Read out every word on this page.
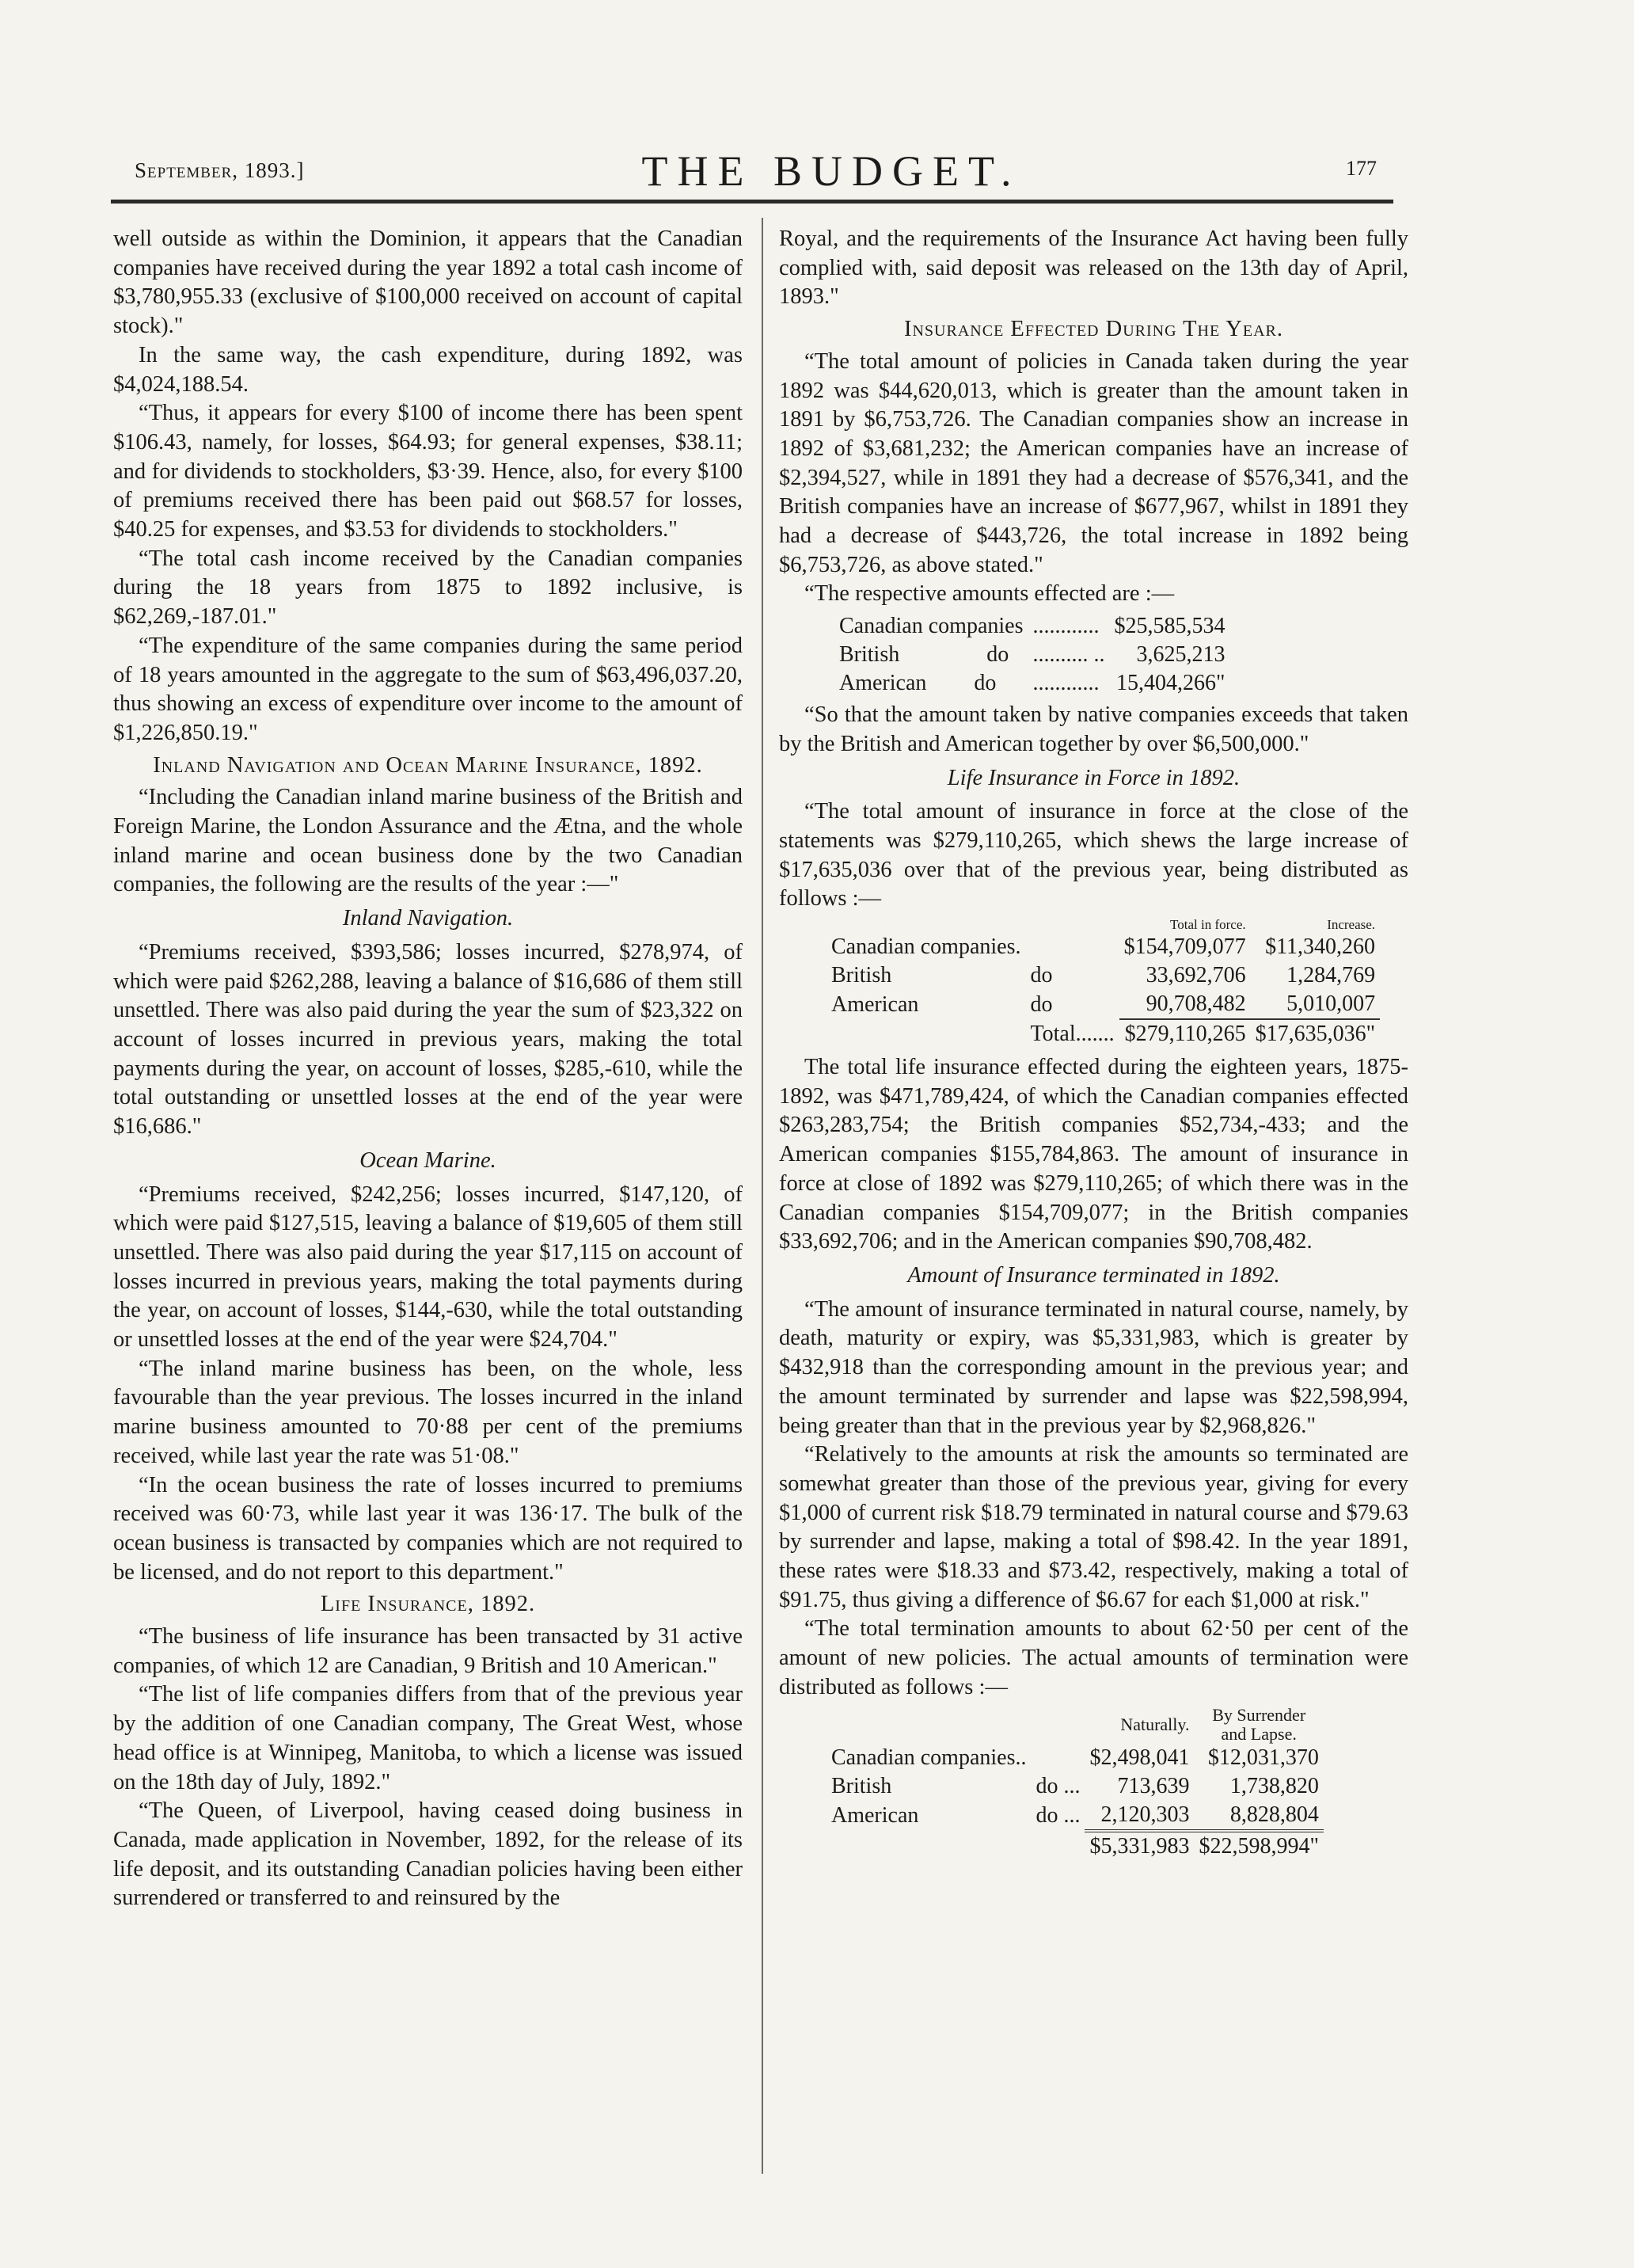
September, 1893.]	THE BUDGET.	177

well outside as within the Dominion, it appears that the Canadian companies have received during the year 1892 a total cash income of $3,780,955.33 (exclusive of $100,000 received on account of capital stock)."

In the same way, the cash expenditure, during 1892, was $4,024,188.54.

“Thus, it appears for every $100 of income there has been spent $106.43, namely, for losses, $64.93; for general expenses, $38.11; and for dividends to stockholders, $3·39. Hence, also, for every $100 of premiums received there has been paid out $68.57 for losses, $40.25 for expenses, and $3.53 for dividends to stockholders."

“The total cash income received by the Canadian companies during the 18 years from 1875 to 1892 inclusive, is $62,269,-187.01."

“The expenditure of the same companies during the same period of 18 years amounted in the aggregate to the sum of $63,496,037.20, thus showing an excess of expenditure over income to the amount of $1,226,850.19."

Inland Navigation and Ocean Marine Insurance, 1892.

“Including the Canadian inland marine business of the British and Foreign Marine, the London Assurance and the Ætna, and the whole inland marine and ocean business done by the two Canadian companies, the following are the results of the year :—"

Inland Navigation.

“Premiums received, $393,586; losses incurred, $278,974, of which were paid $262,288, leaving a balance of $16,686 of them still unsettled. There was also paid during the year the sum of $23,322 on account of losses incurred in previous years, making the total payments during the year, on account of losses, $285,-610, while the total outstanding or unsettled losses at the end of the year were $16,686."

Ocean Marine.

“Premiums received, $242,256; losses incurred, $147,120, of which were paid $127,515, leaving a balance of $19,605 of them still unsettled. There was also paid during the year $17,115 on account of losses incurred in previous years, making the total payments during the year, on account of losses, $144,-630, while the total outstanding or unsettled losses at the end of the year were $24,704."

“The inland marine business has been, on the whole, less favourable than the year previous. The losses incurred in the inland marine business amounted to 70·88 per cent of the premiums received, while last year the rate was 51·08."

“In the ocean business the rate of losses incurred to premiums received was 60·73, while last year it was 136·17. The bulk of the ocean business is transacted by companies which are not required to be licensed, and do not report to this department."

Life Insurance, 1892.

“The business of life insurance has been transacted by 31 active companies, of which 12 are Canadian, 9 British and 10 American."

“The list of life companies differs from that of the previous year by the addition of one Canadian company, The Great West, whose head office is at Winnipeg, Manitoba, to which a license was issued on the 18th day of July, 1892."

“The Queen, of Liverpool, having ceased doing business in Canada, made application in November, 1892, for the release of its life deposit, and its outstanding Canadian policies having been either surrendered or transferred to and reinsured by the

Royal, and the requirements of the Insurance Act having been fully complied with, said deposit was released on the 13th day of April, 1893."

Insurance Effected During The Year.

“The total amount of policies in Canada taken during the year 1892 was $44,620,013, which is greater than the amount taken in 1891 by $6,753,726. The Canadian companies show an increase in 1892 of $3,681,232; the American companies have an increase of $2,394,527, while in 1891 they had a decrease of $576,341, and the British companies have an increase of $677,967, whilst in 1891 they had a decrease of $443,726, the total increase in 1892 being $6,753,726, as above stated."

“The respective amounts effected are :—

Canadian companies	............	$25,585,534
British do	.......... ..	3,625,213
American do	............	15,404,266"

“So that the amount taken by native companies exceeds that taken by the British and American together by over $6,500,000."

Life Insurance in Force in 1892.

“The total amount of insurance in force at the close of the statements was $279,110,265, which shews the large increase of $17,635,036 over that of the previous year, being distributed as follows :—

		Total in force.	Increase.
Canadian companies.		$154,709,077	$11,340,260
British	do	33,692,706	1,284,769
American	do	90,708,482	5,010,007
	Total.......	$279,110,265	$17,635,036"

The total life insurance effected during the eighteen years, 1875-1892, was $471,789,424, of which the Canadian companies effected $263,283,754; the British companies $52,734,-433; and the American companies $155,784,863. The amount of insurance in force at close of 1892 was $279,110,265; of which there was in the Canadian companies $154,709,077; in the British companies $33,692,706; and in the American companies $90,708,482.

Amount of Insurance terminated in 1892.

“The amount of insurance terminated in natural course, namely, by death, maturity or expiry, was $5,331,983, which is greater by $432,918 than the corresponding amount in the previous year; and the amount terminated by surrender and lapse was $22,598,994, being greater than that in the previous year by $2,968,826."

“Relatively to the amounts at risk the amounts so terminated are somewhat greater than those of the previous year, giving for every $1,000 of current risk $18.79 terminated in natural course and $79.63 by surrender and lapse, making a total of $98.42. In the year 1891, these rates were $18.33 and $73.42, respectively, making a total of $91.75, thus giving a difference of $6.67 for each $1,000 at risk."

“The total termination amounts to about 62·50 per cent of the amount of new policies. The actual amounts of termination were distributed as follows :—

		Naturally.	By Surrender
and Lapse.
Canadian companies..		$2,498,041	$12,031,370
British	do ...	713,639	1,738,820
American	do ...	2,120,303	8,828,804
		$5,331,983	$22,598,994"
